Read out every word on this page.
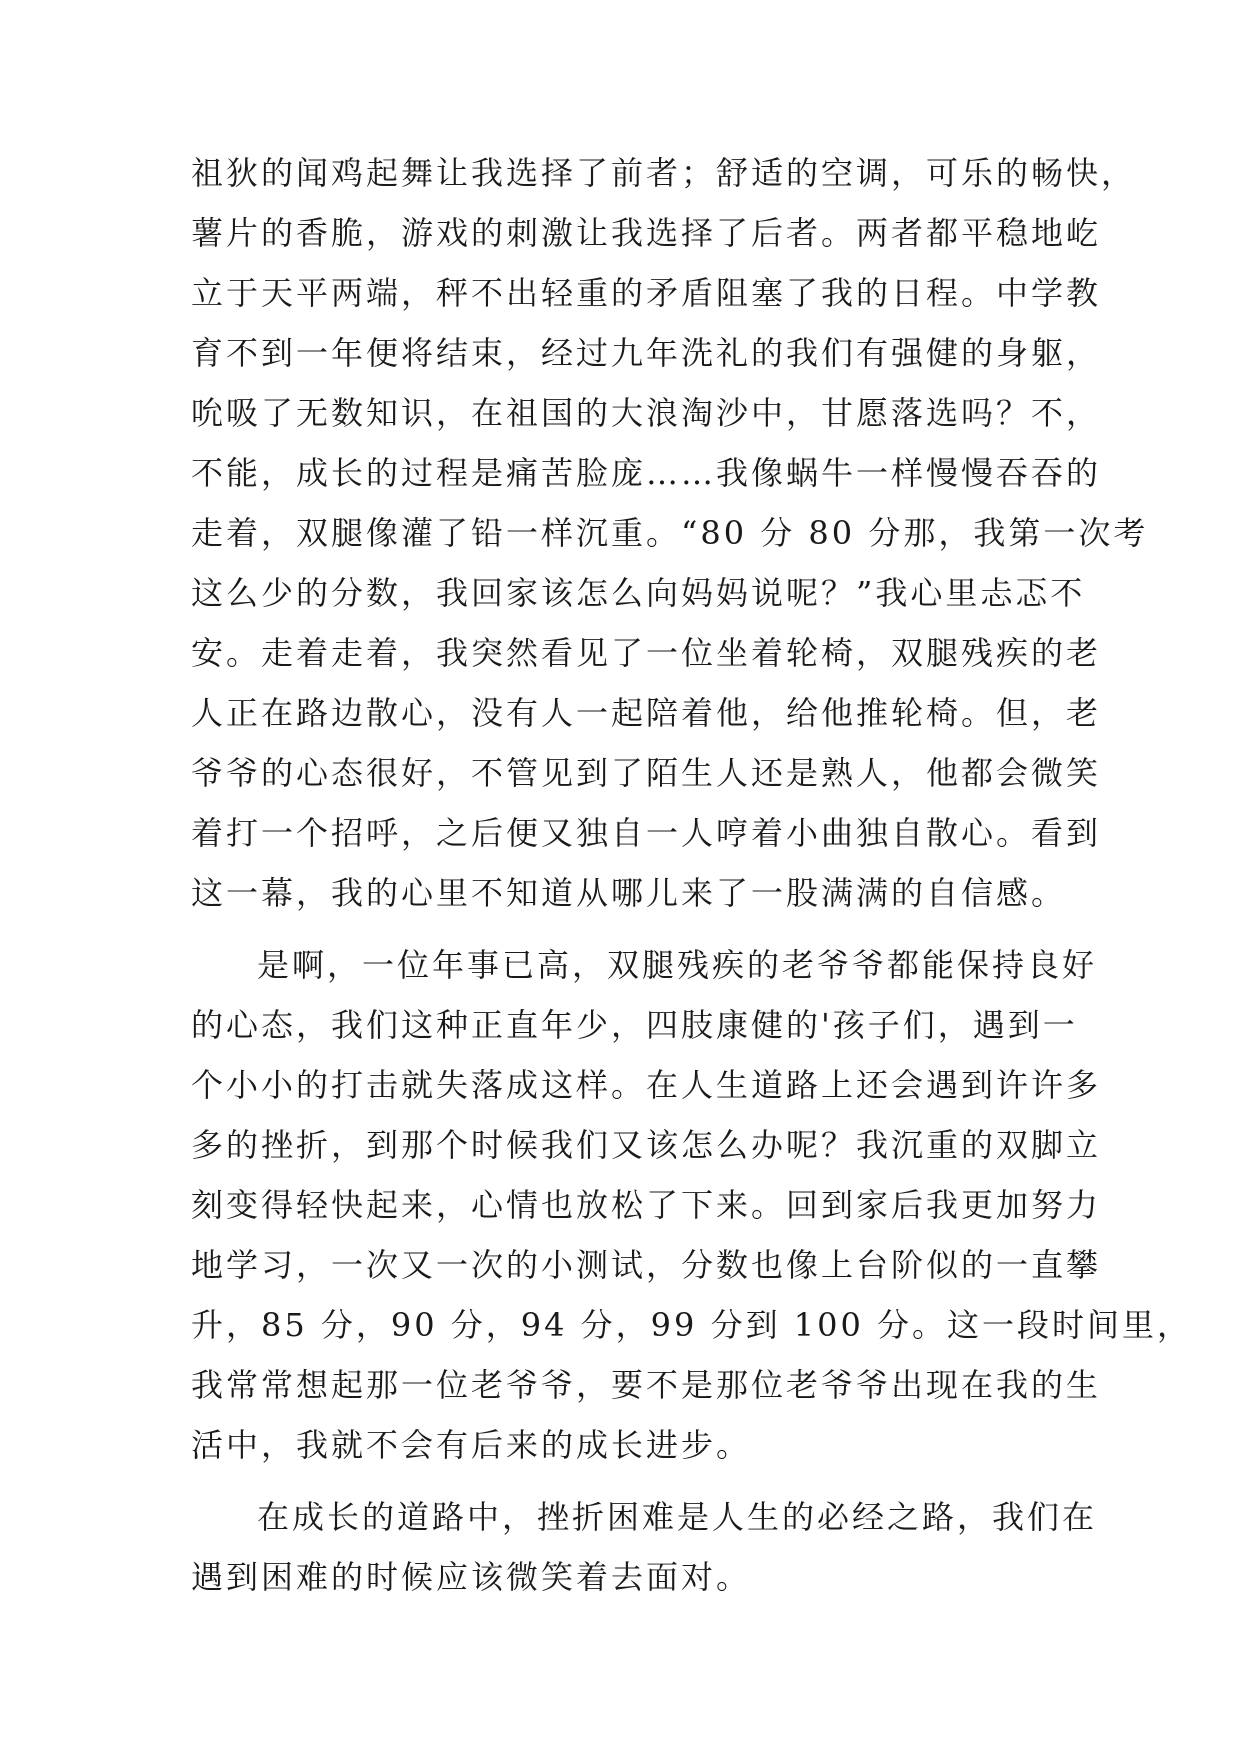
祖狄的闻鸡起舞让我选择了前者；舒适的空调，可乐的畅快，
薯片的香脆，游戏的刺激让我选择了后者。两者都平稳地屹
立于天平两端，秤不出轻重的矛盾阻塞了我的日程。中学教
育不到一年便将结束，经过九年洗礼的我们有强健的身躯，
吮吸了无数知识，在祖国的大浪淘沙中，甘愿落选吗？不，
不能，成长的过程是痛苦脸庞……我像蜗牛一样慢慢吞吞的
走着，双腿像灌了铅一样沉重。“80 分 80 分那，我第一次考
这么少的分数，我回家该怎么向妈妈说呢？”我心里忐忑不
安。走着走着，我突然看见了一位坐着轮椅，双腿残疾的老
人正在路边散心，没有人一起陪着他，给他推轮椅。但，老
爷爷的心态很好，不管见到了陌生人还是熟人，他都会微笑
着打一个招呼，之后便又独自一人哼着小曲独自散心。看到
这一幕，我的心里不知道从哪儿来了一股满满的自信感。
是啊，一位年事已高，双腿残疾的老爷爷都能保持良好
的心态，我们这种正直年少，四肢康健的'孩子们，遇到一
个小小的打击就失落成这样。在人生道路上还会遇到许许多
多的挫折，到那个时候我们又该怎么办呢？我沉重的双脚立
刻变得轻快起来，心情也放松了下来。回到家后我更加努力
地学习，一次又一次的小测试，分数也像上台阶似的一直攀
升，85 分，90 分，94 分，99 分到 100 分。这一段时间里，
我常常想起那一位老爷爷，要不是那位老爷爷出现在我的生
活中，我就不会有后来的成长进步。
在成长的道路中，挫折困难是人生的必经之路，我们在
遇到困难的时候应该微笑着去面对。
